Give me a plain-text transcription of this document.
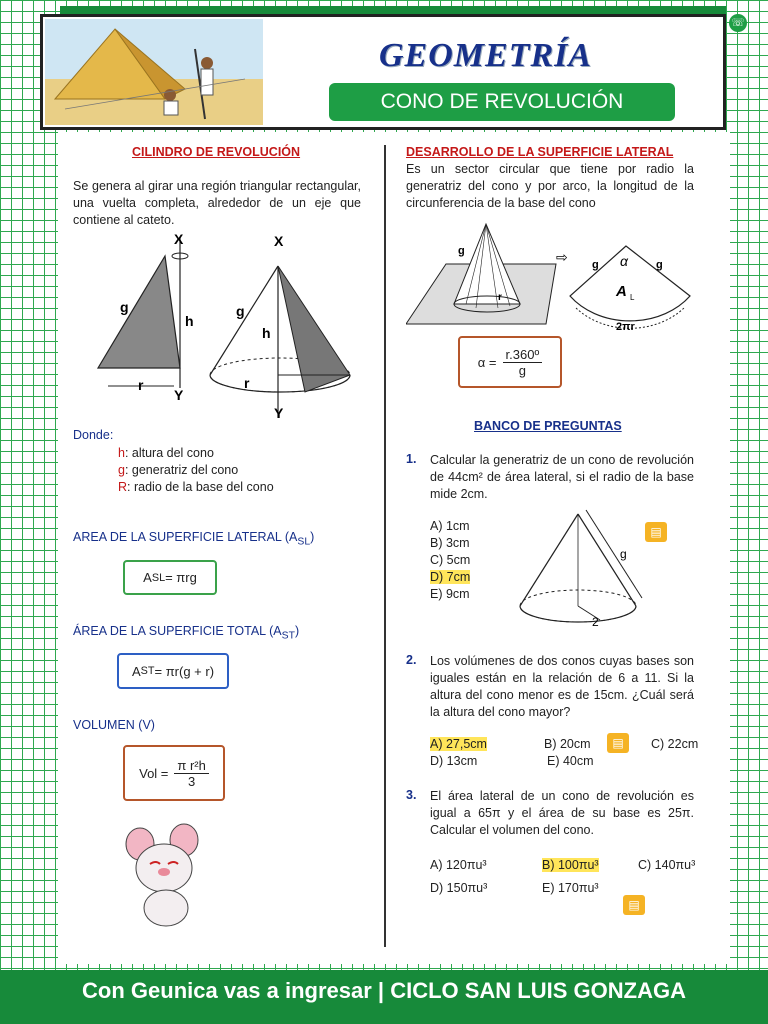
GEOMETRÍA
CONO DE REVOLUCIÓN
☏
CILINDRO DE REVOLUCIÓN
Se genera al girar una región triangular rectangular, una vuelta completa, alrededor de un eje que contiene al cateto.
X
Y
g
h
r
X
Y
g
h
r
Donde:
h: altura del cono
g: generatriz del cono
R: radio de la base del cono
AREA DE LA SUPERFICIE LATERAL $(A_{SL})$
A SL = πrg
ÁREA DE LA SUPERFICIE TOTAL $(A_{ST})$
A ST = πr(g + r)
VOLUMEN (V)
Vol = $\frac{\text{π r²h}}{3}$
DESARROLLO DE LA SUPERFICIE LATERAL
Es un sector circular que tiene por radio la generatriz del cono y por arco, la longitud de la circunferencia de la base del cono
g
r
⇨ g	g
α
A L
2πr
$\alpha = \frac{\text{r.360º}}{g}$
BANCO DE PREGUNTAS
1. Calcular la generatriz de un cono de revolución de 44cm² de área lateral, si el radio de la base mide 2cm.
A) 1cm
B) 3cm
C) 5cm
D) 7cm
E) 9cm
g
2
▤
2. Los volúmenes de dos conos cuyas bases son iguales están en la relación de 6 a 11. Si la altura del cono menor es de 15cm. ¿Cuál será la altura del cono mayor?
A) 27,5cm	B) 20cm	C) 22cm
D) 13cm	E) 40cm
▤
3. El área lateral de un cono de revolución es igual a 65π y el área de su base es 25π. Calcular el volumen del cono.
A) 120πu³	B) 100πu³	C) 140πu³
D) 150πu³	E) 170πu³
▤
Con Geunica vas a ingresar | CICLO SAN LUIS GONZAGA
